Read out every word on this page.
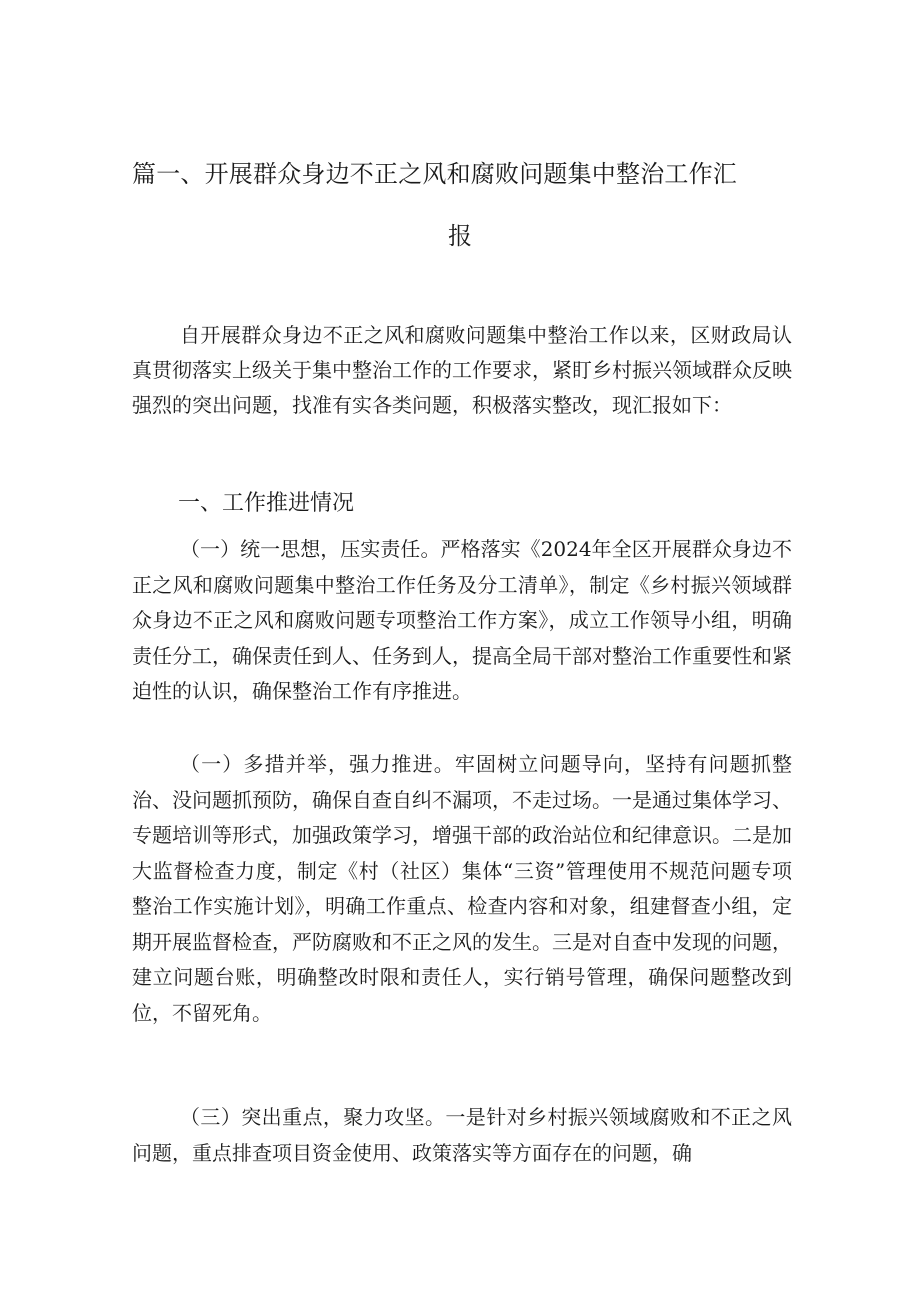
篇一、开展群众身边不正之风和腐败问题集中整治工作汇
报

自开展群众身边不正之风和腐败问题集中整治工作以来，区财政局认真贯彻落实上级关于集中整治工作的工作要求，紧盯乡村振兴领域群众反映强烈的突出问题，找准有实各类问题，积极落实整改，现汇报如下：

一、工作推进情况

（一）统一思想，压实责任。严格落实《2024年全区开展群众身边不正之风和腐败问题集中整治工作任务及分工清单》，制定《乡村振兴领域群众身边不正之风和腐败问题专项整治工作方案》，成立工作领导小组，明确责任分工，确保责任到人、任务到人，提高全局干部对整治工作重要性和紧迫性的认识，确保整治工作有序推进。

（一）多措并举，强力推进。牢固树立问题导向，坚持有问题抓整治、没问题抓预防，确保自查自纠不漏项，不走过场。一是通过集体学习、专题培训等形式，加强政策学习，增强干部的政治站位和纪律意识。二是加大监督检查力度，制定《村（社区）集体“三资”管理使用不规范问题专项整治工作实施计划》，明确工作重点、检查内容和对象，组建督查小组，定期开展监督检查，严防腐败和不正之风的发生。三是对自查中发现的问题，建立问题台账，明确整改时限和责任人，实行销号管理，确保问题整改到位，不留死角。

（三）突出重点，聚力攻坚。一是针对乡村振兴领域腐败和不正之风问题，重点排查项目资金使用、政策落实等方面存在的问题，确
